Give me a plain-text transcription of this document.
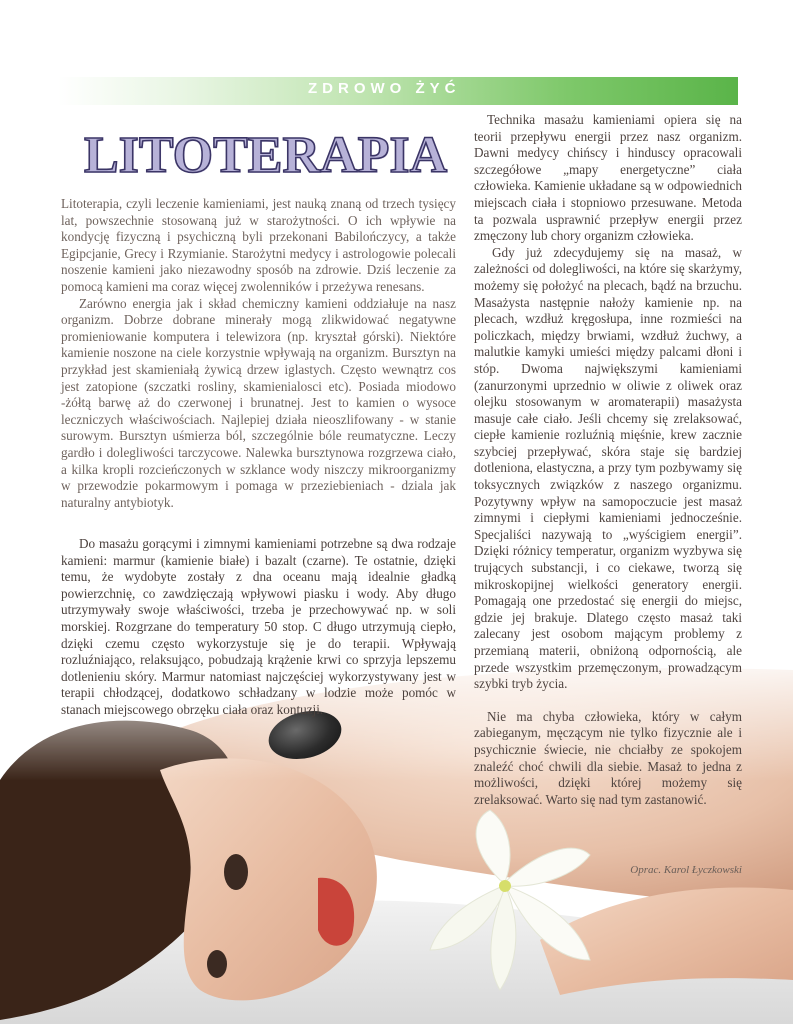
ZDROWO ŻYĆ
LITOTERAPIA

Litoterapia, czyli leczenie kamieniami, jest nauką znaną od trzech tysięcy lat, powszechnie stosowaną już w starożytności. O ich wpływie na kondycję fizyczną i psychiczną byli przekonani Babilończycy, a także Egipcjanie, Grecy i Rzymianie. Starożytni medycy i astrologowie polecali noszenie kamieni jako niezawodny sposób na zdrowie. Dziś leczenie za pomocą kamieni ma coraz więcej zwolenników i przeżywa renesans.

Zarówno energia jak i skład chemiczny kamieni oddziałuje na nasz organizm. Dobrze dobrane minerały mogą zlikwidować negatywne promieniowanie komputera i telewizora (np. kryształ górski). Niektóre kamienie noszone na ciele korzystnie wpływają na organizm. Bursztyn na przykład jest skamieniałą żywicą drzew iglastych. Często wewnątrz cos jest zatopione (szczatki rosliny, skamienialosci etc). Posiada miodowo -żółtą barwę aż do czerwonej i brunatnej. Jest to kamien o wysoce leczniczych właściwościach. Najlepiej działa nieoszlifowany - w stanie surowym. Bursztyn uśmierza ból, szczególnie bóle reumatyczne. Leczy gardło i dolegliwości tarczycowe. Nalewka bursztynowa rozgrzewa ciało, a kilka kropli rozcieńczonych w szklance wody niszczy mikroorganizmy w przewodzie pokarmowym i pomaga w przeziebieniach - dziala jak naturalny antybiotyk.

Do masażu gorącymi i zimnymi kamieniami potrzebne są dwa rodzaje kamieni: marmur (kamienie białe) i bazalt (czarne). Te ostatnie, dzięki temu, że wydobyte zostały z dna oceanu mają idealnie gładką powierzchnię, co zawdzięczają wpływowi piasku i wody. Aby długo utrzymywały swoje właściwości, trzeba je przechowywać np. w soli morskiej. Rozgrzane do temperatury 50 stop. C długo utrzymują ciepło, dzięki czemu często wykorzystuje się je do terapii. Wpływają rozluźniająco, relaksująco, pobudzają krążenie krwi co sprzyja lepszemu dotlenieniu skóry. Marmur natomiast najczęściej wykorzystywany jest w terapii chłodzącej, dodatkowo schładzany w lodzie może pomóc w stanach miejscowego obrzęku ciała oraz kontuzji.

Technika masażu kamieniami opiera się na teorii przepływu energii przez nasz organizm. Dawni medycy chińscy i hinduscy opracowali szczegółowe „mapy energetyczne” ciała człowieka. Kamienie układane są w odpowiednich miejscach ciała i stopniowo przesuwane. Metoda ta pozwala usprawnić przepływ energii przez zmęczony lub chory organizm człowieka.

Gdy już zdecydujemy się na masaż, w zależności od dolegliwości, na które się skarżymy, możemy się położyć na plecach, bądź na brzuchu. Masażysta następnie nałoży kamienie np. na plecach, wzdłuż kręgosłupa, inne rozmieści na policzkach, między brwiami, wzdłuż żuchwy, a malutkie kamyki umieści między palcami dłoni i stóp. Dwoma największymi kamieniami (zanurzonymi uprzednio w oliwie z oliwek oraz olejku stosowanym w aromaterapii) masażysta masuje całe ciało. Jeśli chcemy się zrelaksować, ciepłe kamienie rozluźnią mięśnie, krew zacznie szybciej przepływać, skóra staje się bardziej dotleniona, elastyczna, a przy tym pozbywamy się toksycznych związków z naszego organizmu. Pozytywny wpływ na samopoczucie jest masaż zimnymi i ciepłymi kamieniami jednocześnie. Specjaliści nazywają to „wyścigiem energii”. Dzięki różnicy temperatur, organizm wyzbywa się trujących substancji, i co ciekawe, tworzą się mikroskopijnej wielkości generatory energii. Pomagają one przedostać się energii do miejsc, gdzie jej brakuje. Dlatego często masaż taki zalecany jest osobom mającym problemy z przemianą materii, obniżoną odpornością, ale przede wszystkim przemęczonym, prowadzącym szybki tryb życia.

Nie ma chyba człowieka, który w całym zabieganym, męczącym nie tylko fizycznie ale i psychicznie świecie, nie chciałby ze spokojem znaleźć choć chwili dla siebie. Masaż to jedna z możliwości, dzięki której możemy się zrelaksować. Warto się nad tym zastanowić.

Oprac. Karol Łyczkowski
